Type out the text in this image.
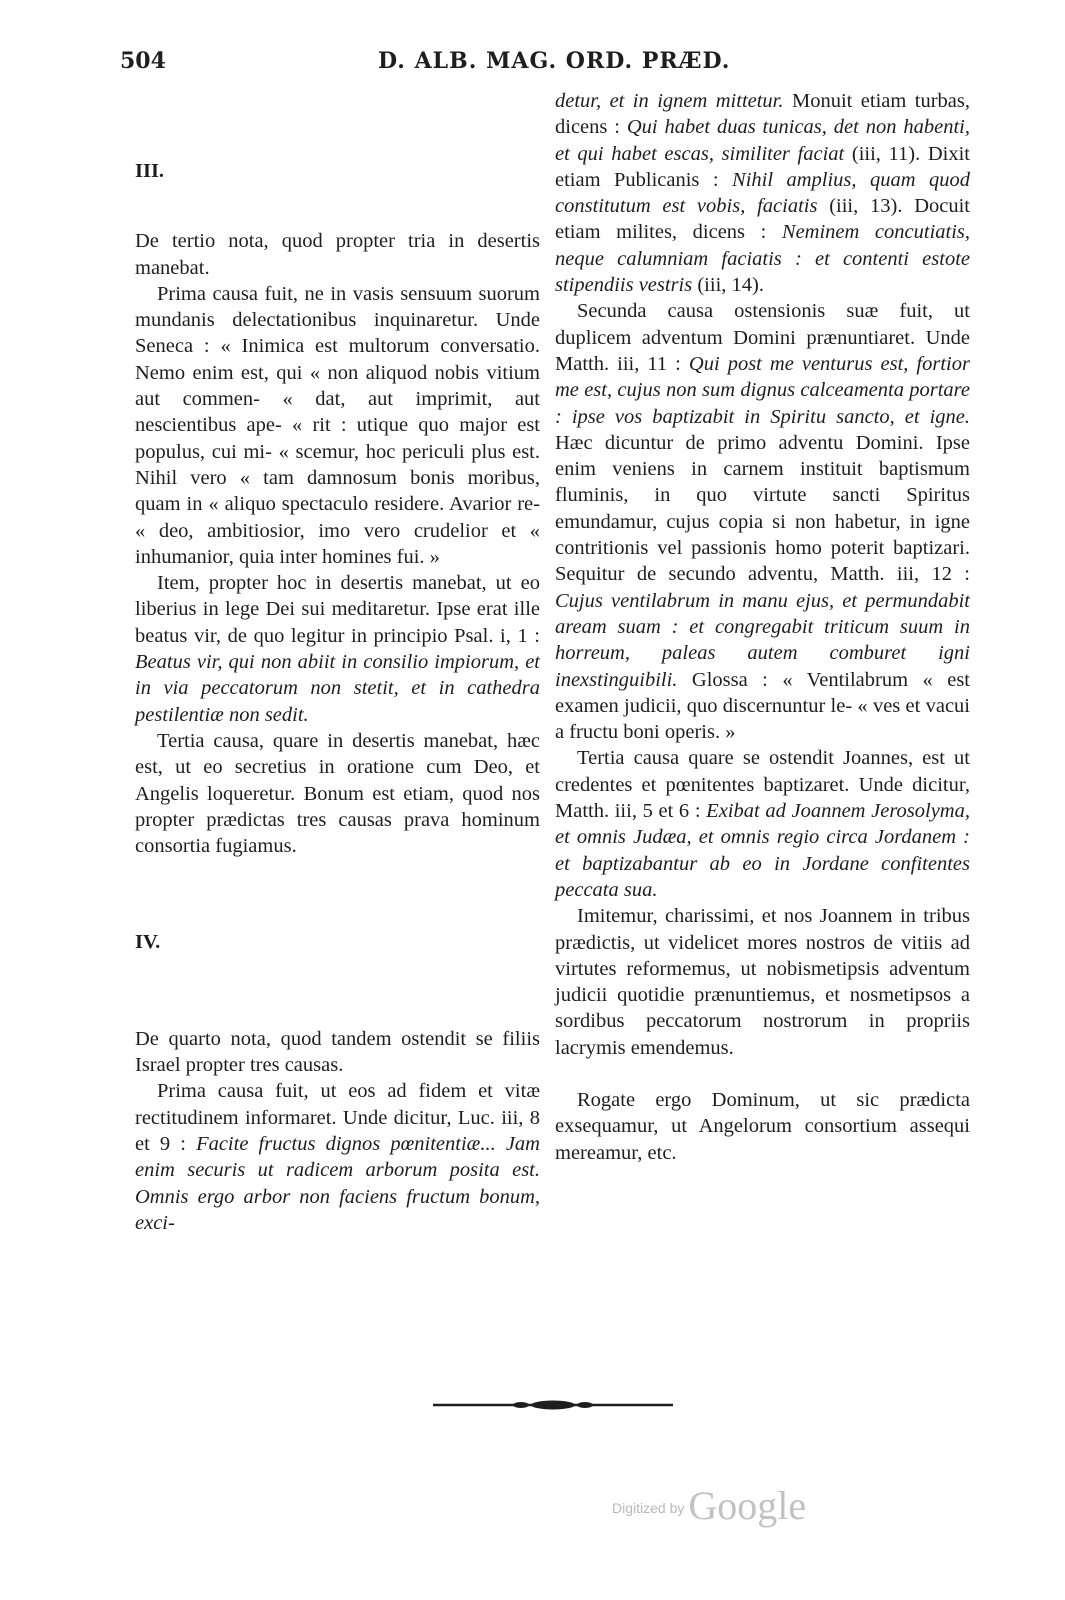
504	D. ALB. MAG. ORD. PRÆD.

III.

De tertio nota, quod propter tria in desertis manebat.

Prima causa fuit, ne in vasis sensuum suorum mundanis delectationibus inquinaretur. Unde Seneca : « Inimica est multorum conversatio. Nemo enim est, qui « non aliquod nobis vitium aut commen- « dat, aut imprimit, aut nescientibus ape- « rit : utique quo major est populus, cui mi- « scemur, hoc periculi plus est. Nihil vero « tam damnosum bonis moribus, quam in « aliquo spectaculo residere. Avarior re- « deo, ambitiosior, imo vero crudelior et « inhumanior, quia inter homines fui. »

Item, propter hoc in desertis manebat, ut eo liberius in lege Dei sui meditaretur. Ipse erat ille beatus vir, de quo legitur in principio Psal. i, 1 : Beatus vir, qui non abiit in consilio impiorum, et in via peccatorum non stetit, et in cathedra pestilentiæ non sedit.

Tertia causa, quare in desertis manebat, hæc est, ut eo secretius in oratione cum Deo, et Angelis loqueretur. Bonum est etiam, quod nos propter prædictas tres causas prava hominum consortia fugiamus.

IV.

De quarto nota, quod tandem ostendit se filiis Israel propter tres causas.

Prima causa fuit, ut eos ad fidem et vitæ rectitudinem informaret. Unde dicitur, Luc. iii, 8 et 9 : Facite fructus dignos pœnitentiæ... Jam enim securis ut radicem arborum posita est. Omnis ergo arbor non faciens fructum bonum, exci-

detur, et in ignem mittetur. Monuit etiam turbas, dicens : Qui habet duas tunicas, det non habenti, et qui habet escas, similiter faciat (iii, 11). Dixit etiam Publicanis : Nihil amplius, quam quod constitutum est vobis, faciatis (iii, 13). Docuit etiam milites, dicens : Neminem concutiatis, neque calumniam faciatis : et contenti estote stipendiis vestris (iii, 14).

Secunda causa ostensionis suæ fuit, ut duplicem adventum Domini prænuntiaret. Unde Matth. iii, 11 : Qui post me venturus est, fortior me est, cujus non sum dignus calceamenta portare : ipse vos baptizabit in Spiritu sancto, et igne. Hæc dicuntur de primo adventu Domini. Ipse enim veniens in carnem instituit baptismum fluminis, in quo virtute sancti Spiritus emundamur, cujus copia si non habetur, in igne contritionis vel passionis homo poterit baptizari. Sequitur de secundo adventu, Matth. iii, 12 : Cujus ventilabrum in manu ejus, et permundabit aream suam : et congregabit triticum suum in horreum, paleas autem comburet igni inexstinguibili. Glossa : « Ventilabrum « est examen judicii, quo discernuntur le- « ves et vacui a fructu boni operis. »

Tertia causa quare se ostendit Joannes, est ut credentes et pœnitentes baptizaret. Unde dicitur, Matth. iii, 5 et 6 : Exibat ad Joannem Jerosolyma, et omnis Judæa, et omnis regio circa Jordanem : et baptizabantur ab eo in Jordane confitentes peccata sua.

Imitemur, charissimi, et nos Joannem in tribus prædictis, ut videlicet mores nostros de vitiis ad virtutes reformemus, ut nobismetipsis adventum judicii quotidie prænuntiemus, et nosmetipsos a sordibus peccatorum nostrorum in propriis lacrymis emendemus.

Rogate ergo Dominum, ut sic prædicta exsequamur, ut Angelorum consortium assequi mereamur, etc.

Digitized by Google
